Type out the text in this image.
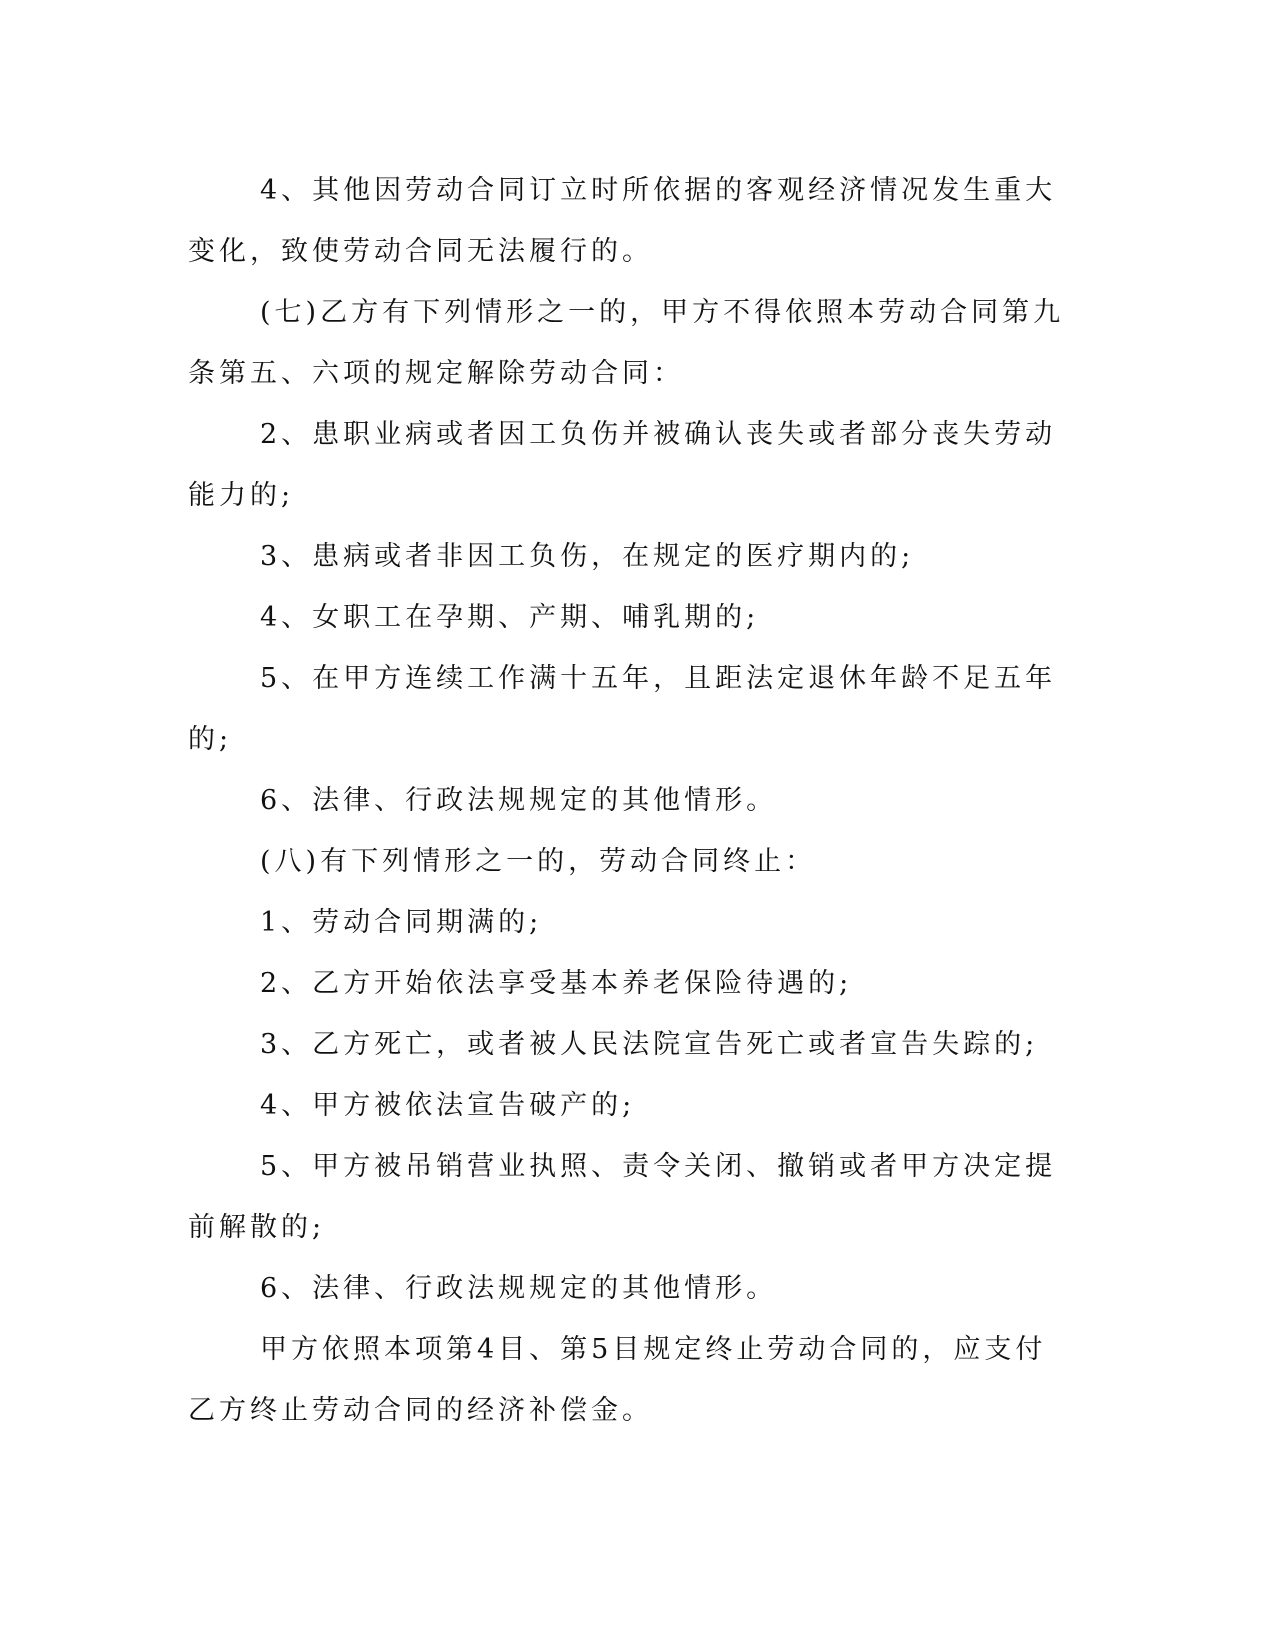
4、其他因劳动合同订立时所依据的客观经济情况发生重大变化，致使劳动合同无法履行的。

(七)乙方有下列情形之一的，甲方不得依照本劳动合同第九条第五、六项的规定解除劳动合同：

2、患职业病或者因工负伤并被确认丧失或者部分丧失劳动能力的;

3、患病或者非因工负伤，在规定的医疗期内的;

4、女职工在孕期、产期、哺乳期的;

5、在甲方连续工作满十五年，且距法定退休年龄不足五年的;

6、法律、行政法规规定的其他情形。

(八)有下列情形之一的，劳动合同终止：

1、劳动合同期满的;

2、乙方开始依法享受基本养老保险待遇的;

3、乙方死亡，或者被人民法院宣告死亡或者宣告失踪的;

4、甲方被依法宣告破产的;

5、甲方被吊销营业执照、责令关闭、撤销或者甲方决定提前解散的;

6、法律、行政法规规定的其他情形。

甲方依照本项第4目、第5目规定终止劳动合同的，应支付乙方终止劳动合同的经济补偿金。
